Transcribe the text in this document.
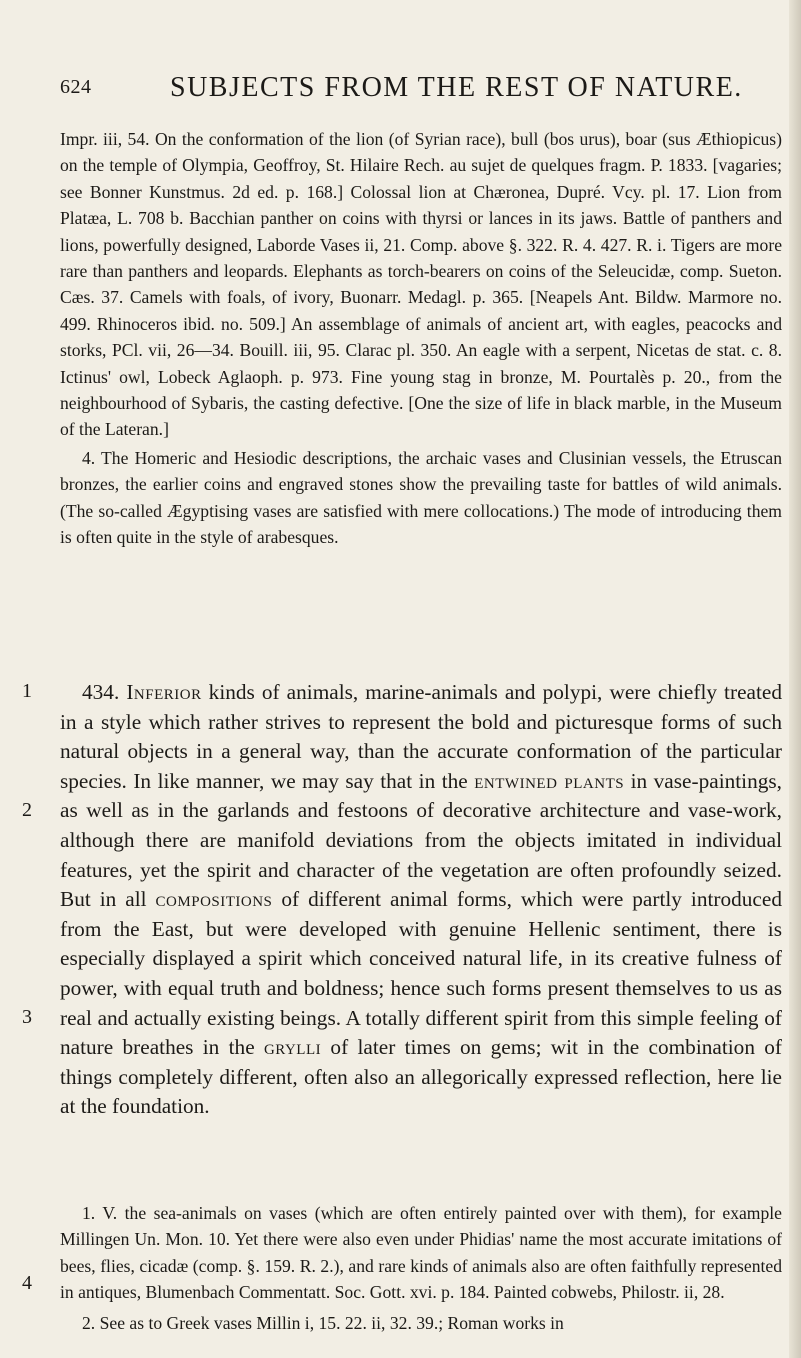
624	SUBJECTS FROM THE REST OF NATURE.

Impr. iii, 54. On the conformation of the lion (of Syrian race), bull (bos urus), boar (sus Æthiopicus) on the temple of Olympia, Geoffroy, St. Hilaire Rech. au sujet de quelques fragm. P. 1833. [vagaries; see Bonner Kunstmus. 2d ed. p. 168.] Colossal lion at Chæronea, Dupré. Vcy. pl. 17. Lion from Platæa, L. 708 b. Bacchian panther on coins with thyrsi or lances in its jaws. Battle of panthers and lions, powerfully designed, Laborde Vases ii, 21. Comp. above §. 322. R. 4. 427. R. i. Tigers are more rare than panthers and leopards. Elephants as torch-bearers on coins of the Seleucidæ, comp. Sueton. Cæs. 37. Camels with foals, of ivory, Buonarr. Medagl. p. 365. [Neapels Ant. Bildw. Marmore no. 499. Rhinoceros ibid. no. 509.] An assemblage of animals of ancient art, with eagles, peacocks and storks, PCl. vii, 26—34. Bouill. iii, 95. Clarac pl. 350. An eagle with a serpent, Nicetas de stat. c. 8. Ictinus' owl, Lobeck Aglaoph. p. 973. Fine young stag in bronze, M. Pourtalès p. 20., from the neighbourhood of Sybaris, the casting defective. [One the size of life in black marble, in the Museum of the Lateran.]

4. The Homeric and Hesiodic descriptions, the archaic vases and Clusinian vessels, the Etruscan bronzes, the earlier coins and engraved stones show the prevailing taste for battles of wild animals. (The so-called Ægyptising vases are satisfied with mere collocations.) The mode of introducing them is often quite in the style of arabesques.

1
2
3
4

434. Inferior kinds of animals, marine-animals and polypi, were chiefly treated in a style which rather strives to represent the bold and picturesque forms of such natural objects in a general way, than the accurate conformation of the particular species. In like manner, we may say that in the entwined plants in vase-paintings, as well as in the garlands and festoons of decorative architecture and vase-work, although there are manifold deviations from the objects imitated in individual features, yet the spirit and character of the vegetation are often profoundly seized. But in all compositions of different animal forms, which were partly introduced from the East, but were developed with genuine Hellenic sentiment, there is especially displayed a spirit which conceived natural life, in its creative fulness of power, with equal truth and boldness; hence such forms present themselves to us as real and actually existing beings. A totally different spirit from this simple feeling of nature breathes in the grylli of later times on gems; wit in the combination of things completely different, often also an allegorically expressed reflection, here lie at the foundation.

1. V. the sea-animals on vases (which are often entirely painted over with them), for example Millingen Un. Mon. 10. Yet there were also even under Phidias' name the most accurate imitations of bees, flies, cicadæ (comp. §. 159. R. 2.), and rare kinds of animals also are often faithfully represented in antiques, Blumenbach Commentatt. Soc. Gott. xvi. p. 184. Painted cobwebs, Philostr. ii, 28.

2. See as to Greek vases Millin i, 15. 22. ii, 32. 39.; Roman works in
